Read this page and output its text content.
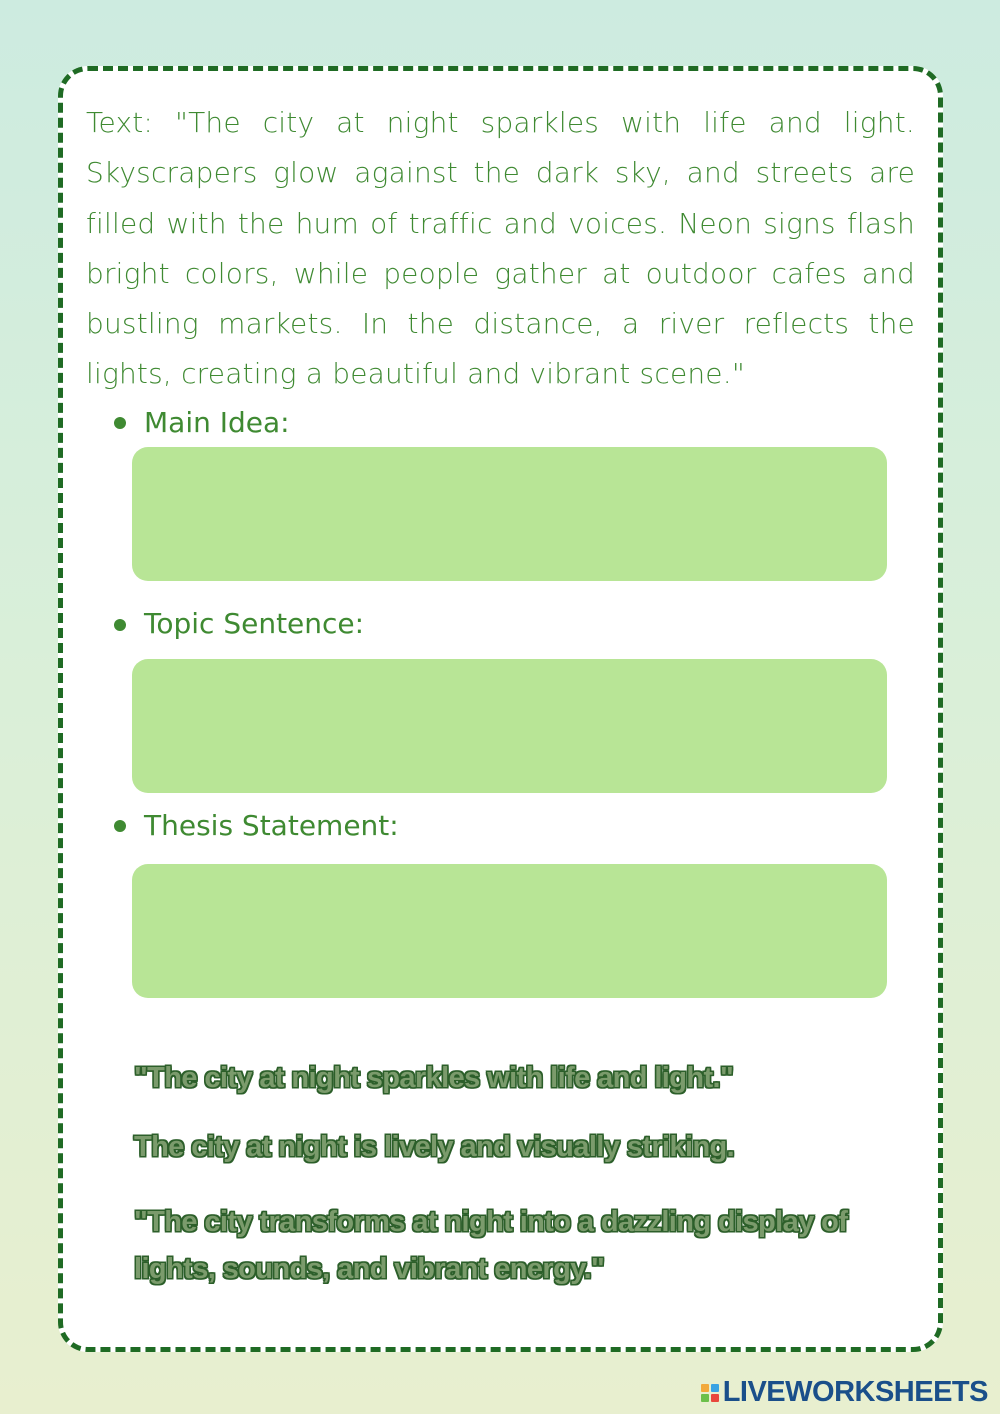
Text: "The city at night sparkles with life and light. Skyscrapers glow against the dark sky, and streets are filled with the hum of traffic and voices. Neon signs flash bright colors, while people gather at outdoor cafes and bustling markets. In the distance, a river reflects the lights, creating a beautiful and vibrant scene."

Main Idea:
Topic Sentence:
Thesis Statement:
"The city at night sparkles with life and light."
The city at night is lively and visually striking.
"The city transforms at night into a dazzling display of lights, sounds, and vibrant energy."
LIVEWORKSHEETS
